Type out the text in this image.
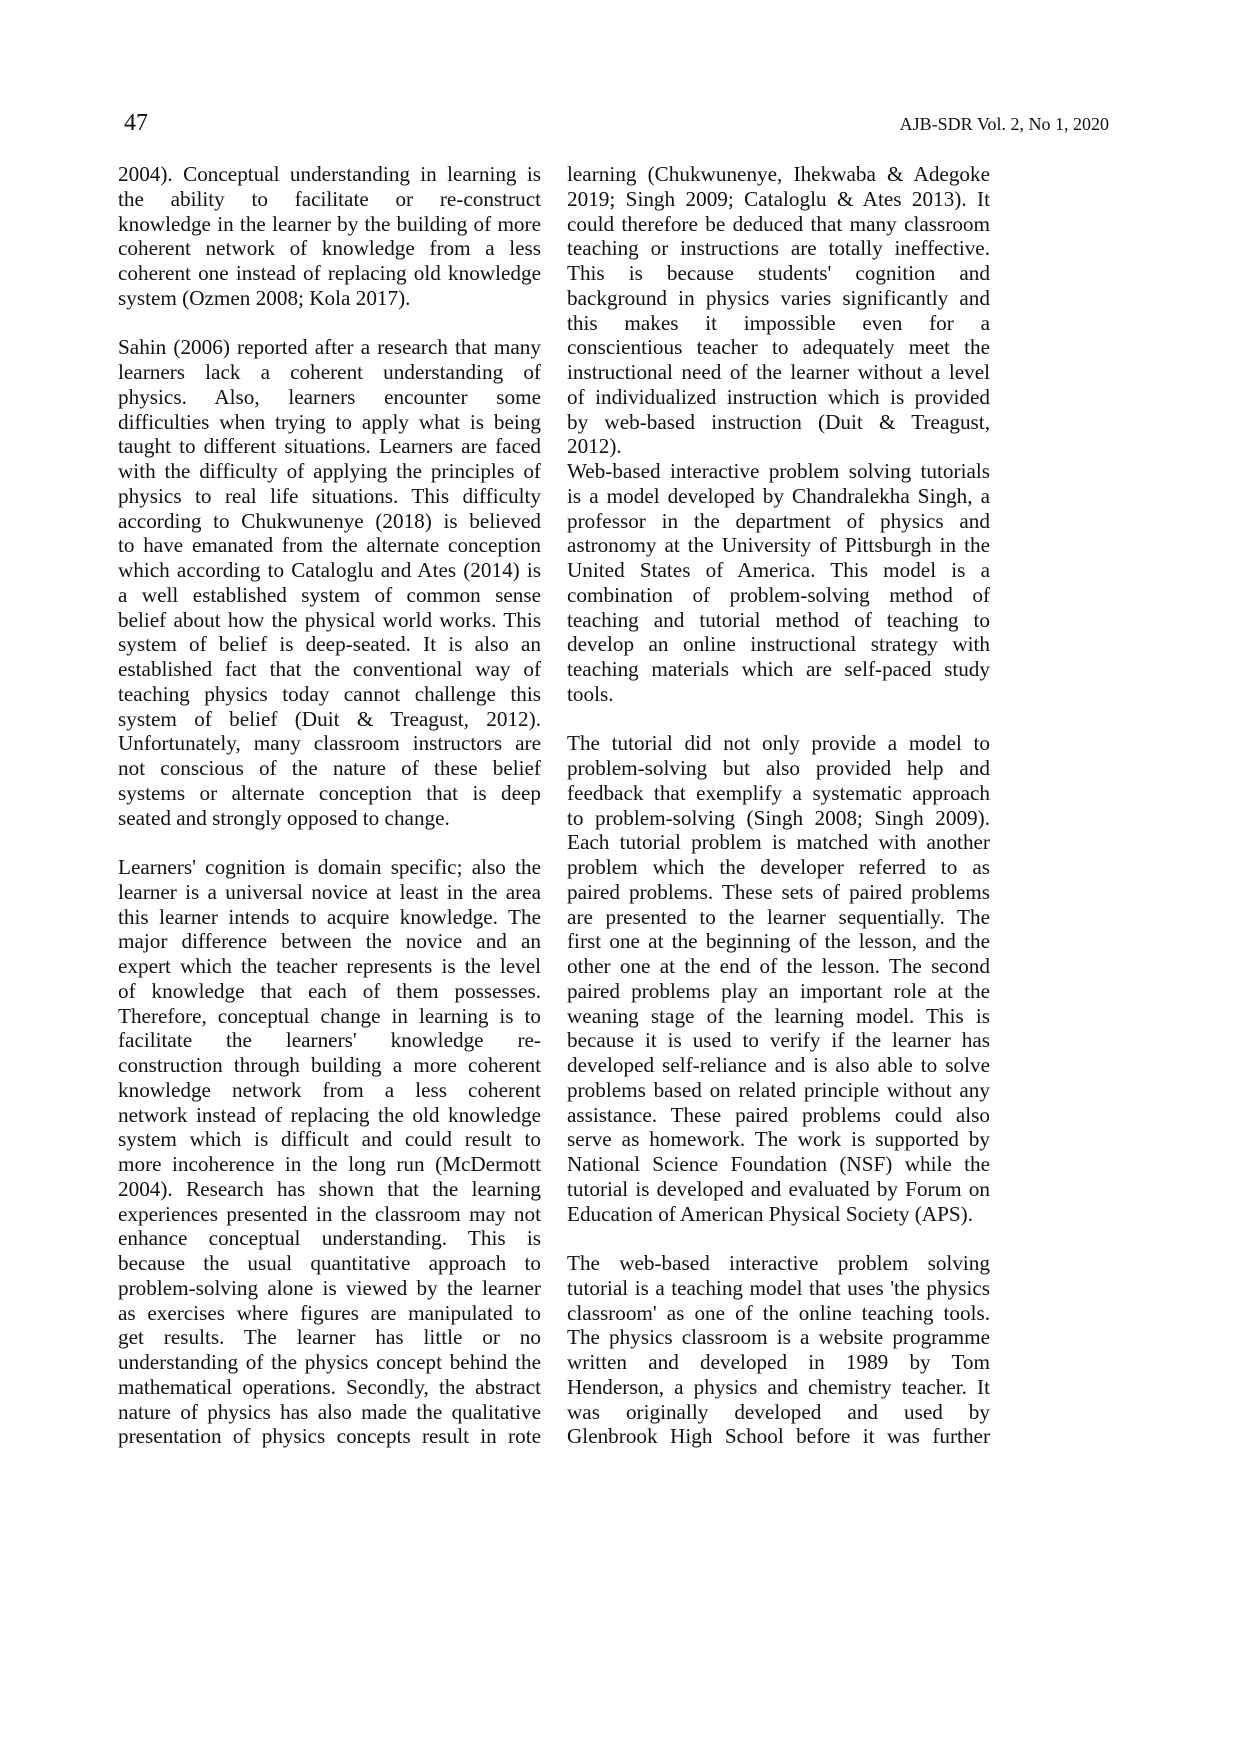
47	AJB-SDR Vol. 2, No 1, 2020
2004). Conceptual understanding in learning is
the ability to facilitate or re-construct
knowledge in the learner by the building of more
coherent network of knowledge from a less
coherent one instead of replacing old knowledge
system (Ozmen 2008; Kola 2017).
Sahin (2006) reported after a research that many
learners lack a coherent understanding of
physics. Also, learners encounter some
difficulties when trying to apply what is being
taught to different situations. Learners are faced
with the difficulty of applying the principles of
physics to real life situations. This difficulty
according to Chukwunenye (2018) is believed
to have emanated from the alternate conception
which according to Cataloglu and Ates (2014) is
a well established system of common sense
belief about how the physical world works. This
system of belief is deep-seated. It is also an
established fact that the conventional way of
teaching physics today cannot challenge this
system of belief (Duit & Treagust, 2012).
Unfortunately, many classroom instructors are
not conscious of the nature of these belief
systems or alternate conception that is deep
seated and strongly opposed to change.
Learners' cognition is domain specific; also the
learner is a universal novice at least in the area
this learner intends to acquire knowledge. The
major difference between the novice and an
expert which the teacher represents is the level
of knowledge that each of them possesses.
Therefore, conceptual change in learning is to
facilitate the learners' knowledge re-
construction through building a more coherent
knowledge network from a less coherent
network instead of replacing the old knowledge
system which is difficult and could result to
more incoherence in the long run (McDermott
2004). Research has shown that the learning
experiences presented in the classroom may not
enhance conceptual understanding. This is
because the usual quantitative approach to
problem-solving alone is viewed by the learner
as exercises where figures are manipulated to
get results. The learner has little or no
understanding of the physics concept behind the
mathematical operations. Secondly, the abstract
nature of physics has also made the qualitative
presentation of physics concepts result in rote
learning (Chukwunenye, Ihekwaba & Adegoke
2019; Singh 2009; Cataloglu & Ates 2013). It
could therefore be deduced that many classroom
teaching or instructions are totally ineffective.
This is because students' cognition and
background in physics varies significantly and
this makes it impossible even for a
conscientious teacher to adequately meet the
instructional need of the learner without a level
of individualized instruction which is provided
by web-based instruction (Duit & Treagust,
2012).
Web-based interactive problem solving tutorials
is a model developed by Chandralekha Singh, a
professor in the department of physics and
astronomy at the University of Pittsburgh in the
United States of America. This model is a
combination of problem-solving method of
teaching and tutorial method of teaching to
develop an online instructional strategy with
teaching materials which are self-paced study
tools.
The tutorial did not only provide a model to
problem-solving but also provided help and
feedback that exemplify a systematic approach
to problem-solving (Singh 2008; Singh 2009).
Each tutorial problem is matched with another
problem which the developer referred to as
paired problems. These sets of paired problems
are presented to the learner sequentially. The
first one at the beginning of the lesson, and the
other one at the end of the lesson. The second
paired problems play an important role at the
weaning stage of the learning model. This is
because it is used to verify if the learner has
developed self-reliance and is also able to solve
problems based on related principle without any
assistance. These paired problems could also
serve as homework. The work is supported by
National Science Foundation (NSF) while the
tutorial is developed and evaluated by Forum on
Education of American Physical Society (APS).
The web-based interactive problem solving
tutorial is a teaching model that uses 'the physics
classroom' as one of the online teaching tools.
The physics classroom is a website programme
written and developed in 1989 by Tom
Henderson, a physics and chemistry teacher. It
was originally developed and used by
Glenbrook High School before it was further
